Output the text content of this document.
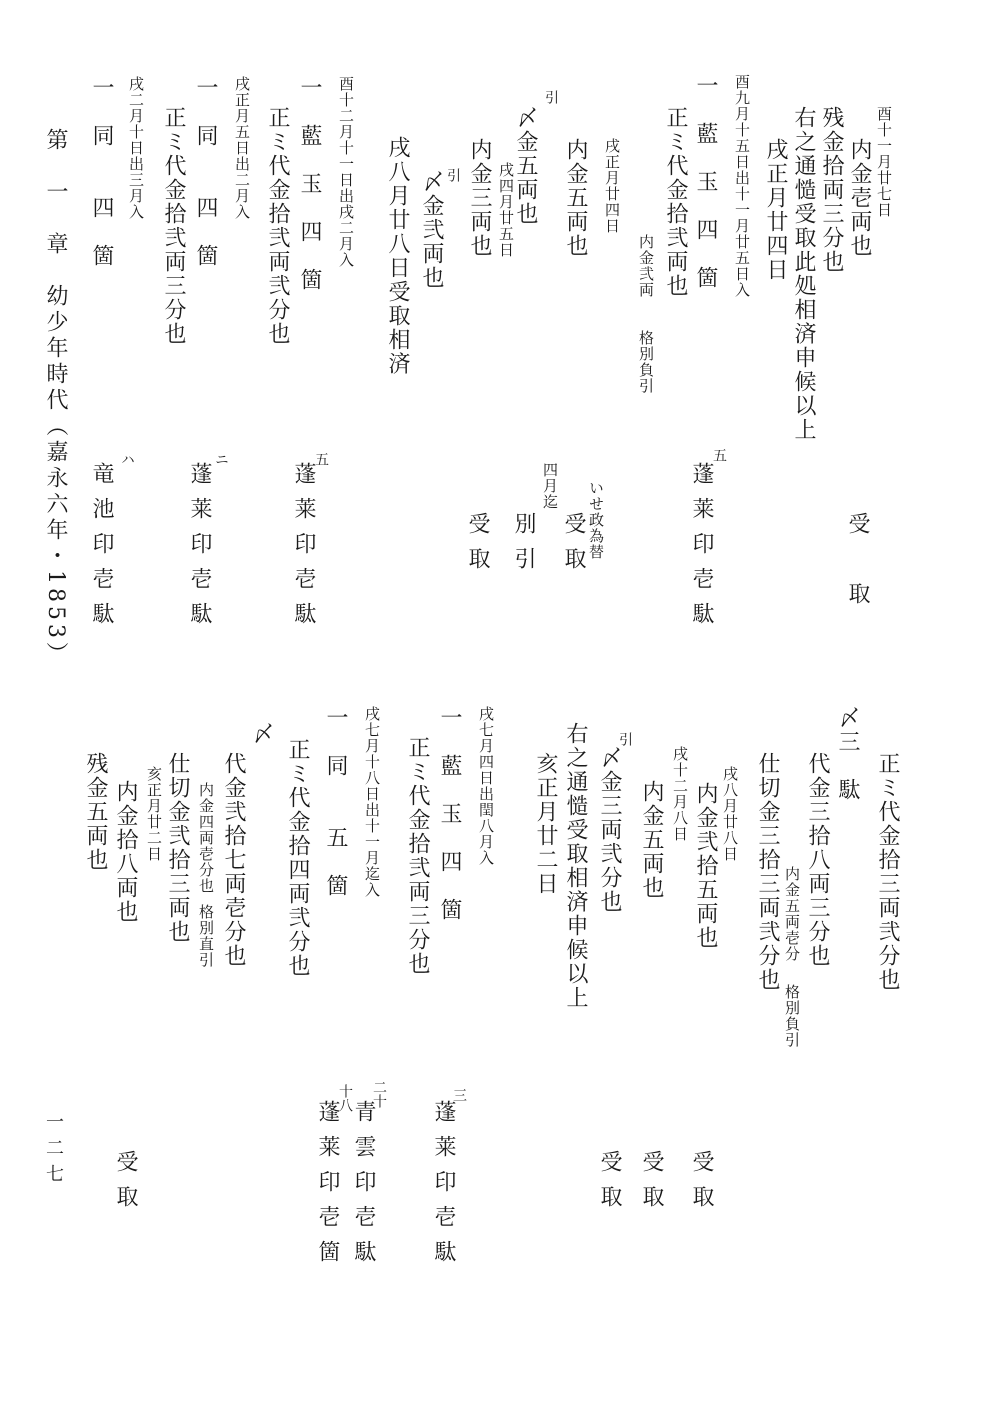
酉十一月廿七日
内金壱両也
残金拾両三分也
右之通慥受取此処相済申候以上
戌正月廿四日
酉九月十五日出十一月廿五日入
一　藍　玉　四　箇
正ミ代金拾弐両也
内金弐両
格別負引
戌正月廿四日
内金五両也
引
〆金五両也
戌四月廿五日
内金三両也
引
〆金弐両也
戌八月廿八日受取相済
酉十二月十一日出戌二月入
一　藍　玉　四　箇
正ミ代金拾弐両弐分也
戌正月五日出二月入
一　同　　四　箇
正ミ代金拾弐両三分也
戌二月十日出三月入
一　同　　四　箇
第　一　章　幼少年時代（嘉永六年・1853）	受　取
五
蓬莱印壱駄
いせ政為替
受取
四月迄
別引
受取
五
蓬莱印壱駄
ニ
蓬莱印壱駄
ハ
竜池印壱駄
正ミ代金拾三両弐分也
〆三　駄
代金三拾八両三分也
内金五両壱分
格別負引
仕切金三拾三両弐分也
戌八月廿八日
内金弐拾五両也
戌十二月八日
内金五両也
引
〆金三両弐分也
右之通慥受取相済申候以上
亥正月廿二日
戌七月四日出閏八月入
一　藍　玉　四　箇
正ミ代金拾弐両三分也
戌七月十八日出十一月迄入
一　同　　五　箇
正ミ代金拾四両弐分也
〆
代金弐拾七両壱分也
内金四両壱分也
格別直引
仕切金弐拾三両也
亥正月廿二日
内金拾八両也
残金五両也
受取
受取
受取
三
蓬莱印壱駄
二十
青雲印壱駄
十八
蓬莱印壱箇
受取
一二七
